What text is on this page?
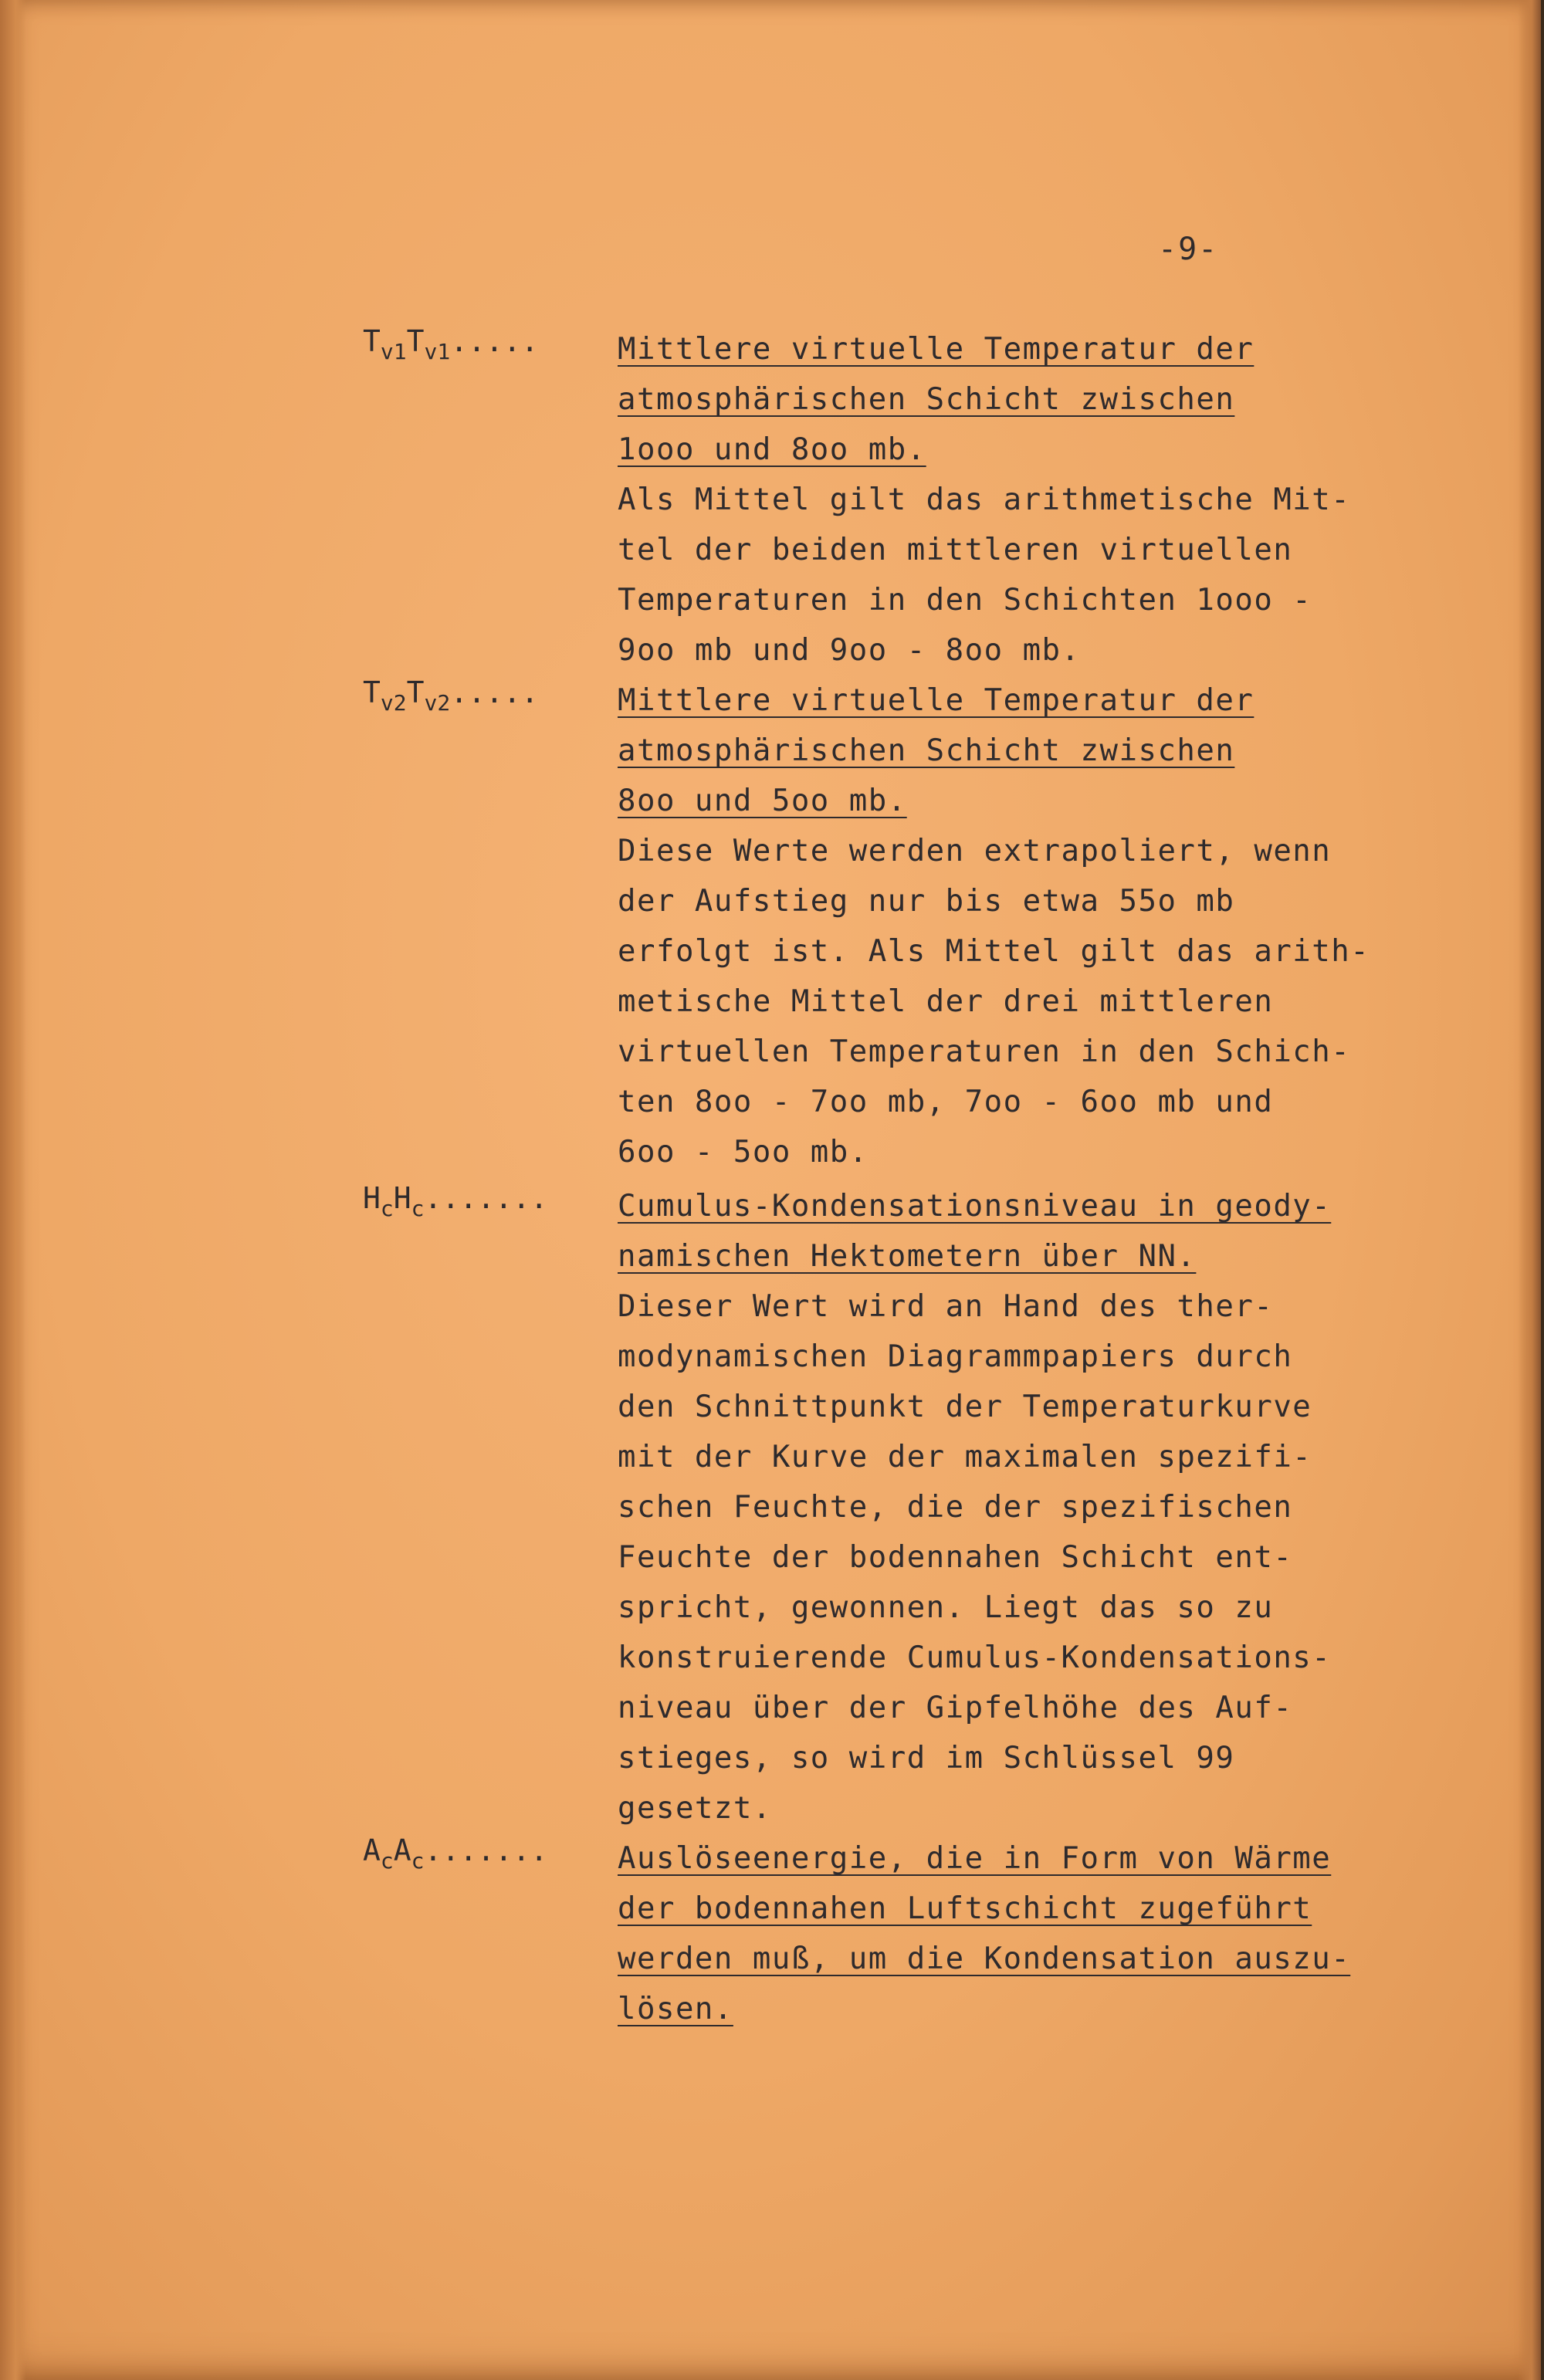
-9-
$T_{v1}T_{v1}$.....	Mittlere virtuelle Temperatur der
atmosphärischen Schicht zwischen
1ooo und 8oo mb.
Als Mittel gilt das arithmetische Mit-
tel der beiden mittleren virtuellen
Temperaturen in den Schichten 1ooo -
9oo mb und 9oo - 8oo mb.
$T_{v2}T_{v2}$.....	Mittlere virtuelle Temperatur der
atmosphärischen Schicht zwischen
8oo und 5oo mb.
Diese Werte werden extrapoliert, wenn
der Aufstieg nur bis etwa 55o mb
erfolgt ist. Als Mittel gilt das arith-
metische Mittel der drei mittleren
virtuellen Temperaturen in den Schich-
ten 8oo - 7oo mb, 7oo - 6oo mb und
6oo - 5oo mb.
$H_cH_c$....... Cumulus-Kondensationsniveau in geody-
namischen Hektometern über NN.
Dieser Wert wird an Hand des ther-
modynamischen Diagrammpapiers durch
den Schnittpunkt der Temperaturkurve
mit der Kurve der maximalen spezifi-
schen Feuchte, die der spezifischen
Feuchte der bodennahen Schicht ent-
spricht, gewonnen. Liegt das so zu
konstruierende Cumulus-Kondensations-
niveau über der Gipfelhöhe des Auf-
stieges, so wird im Schlüssel 99
gesetzt.
$A_cA_c$....... Auslöseenergie, die in Form von Wärme
der bodennahen Luftschicht zugeführt
werden muß, um die Kondensation auszu-
lösen.
